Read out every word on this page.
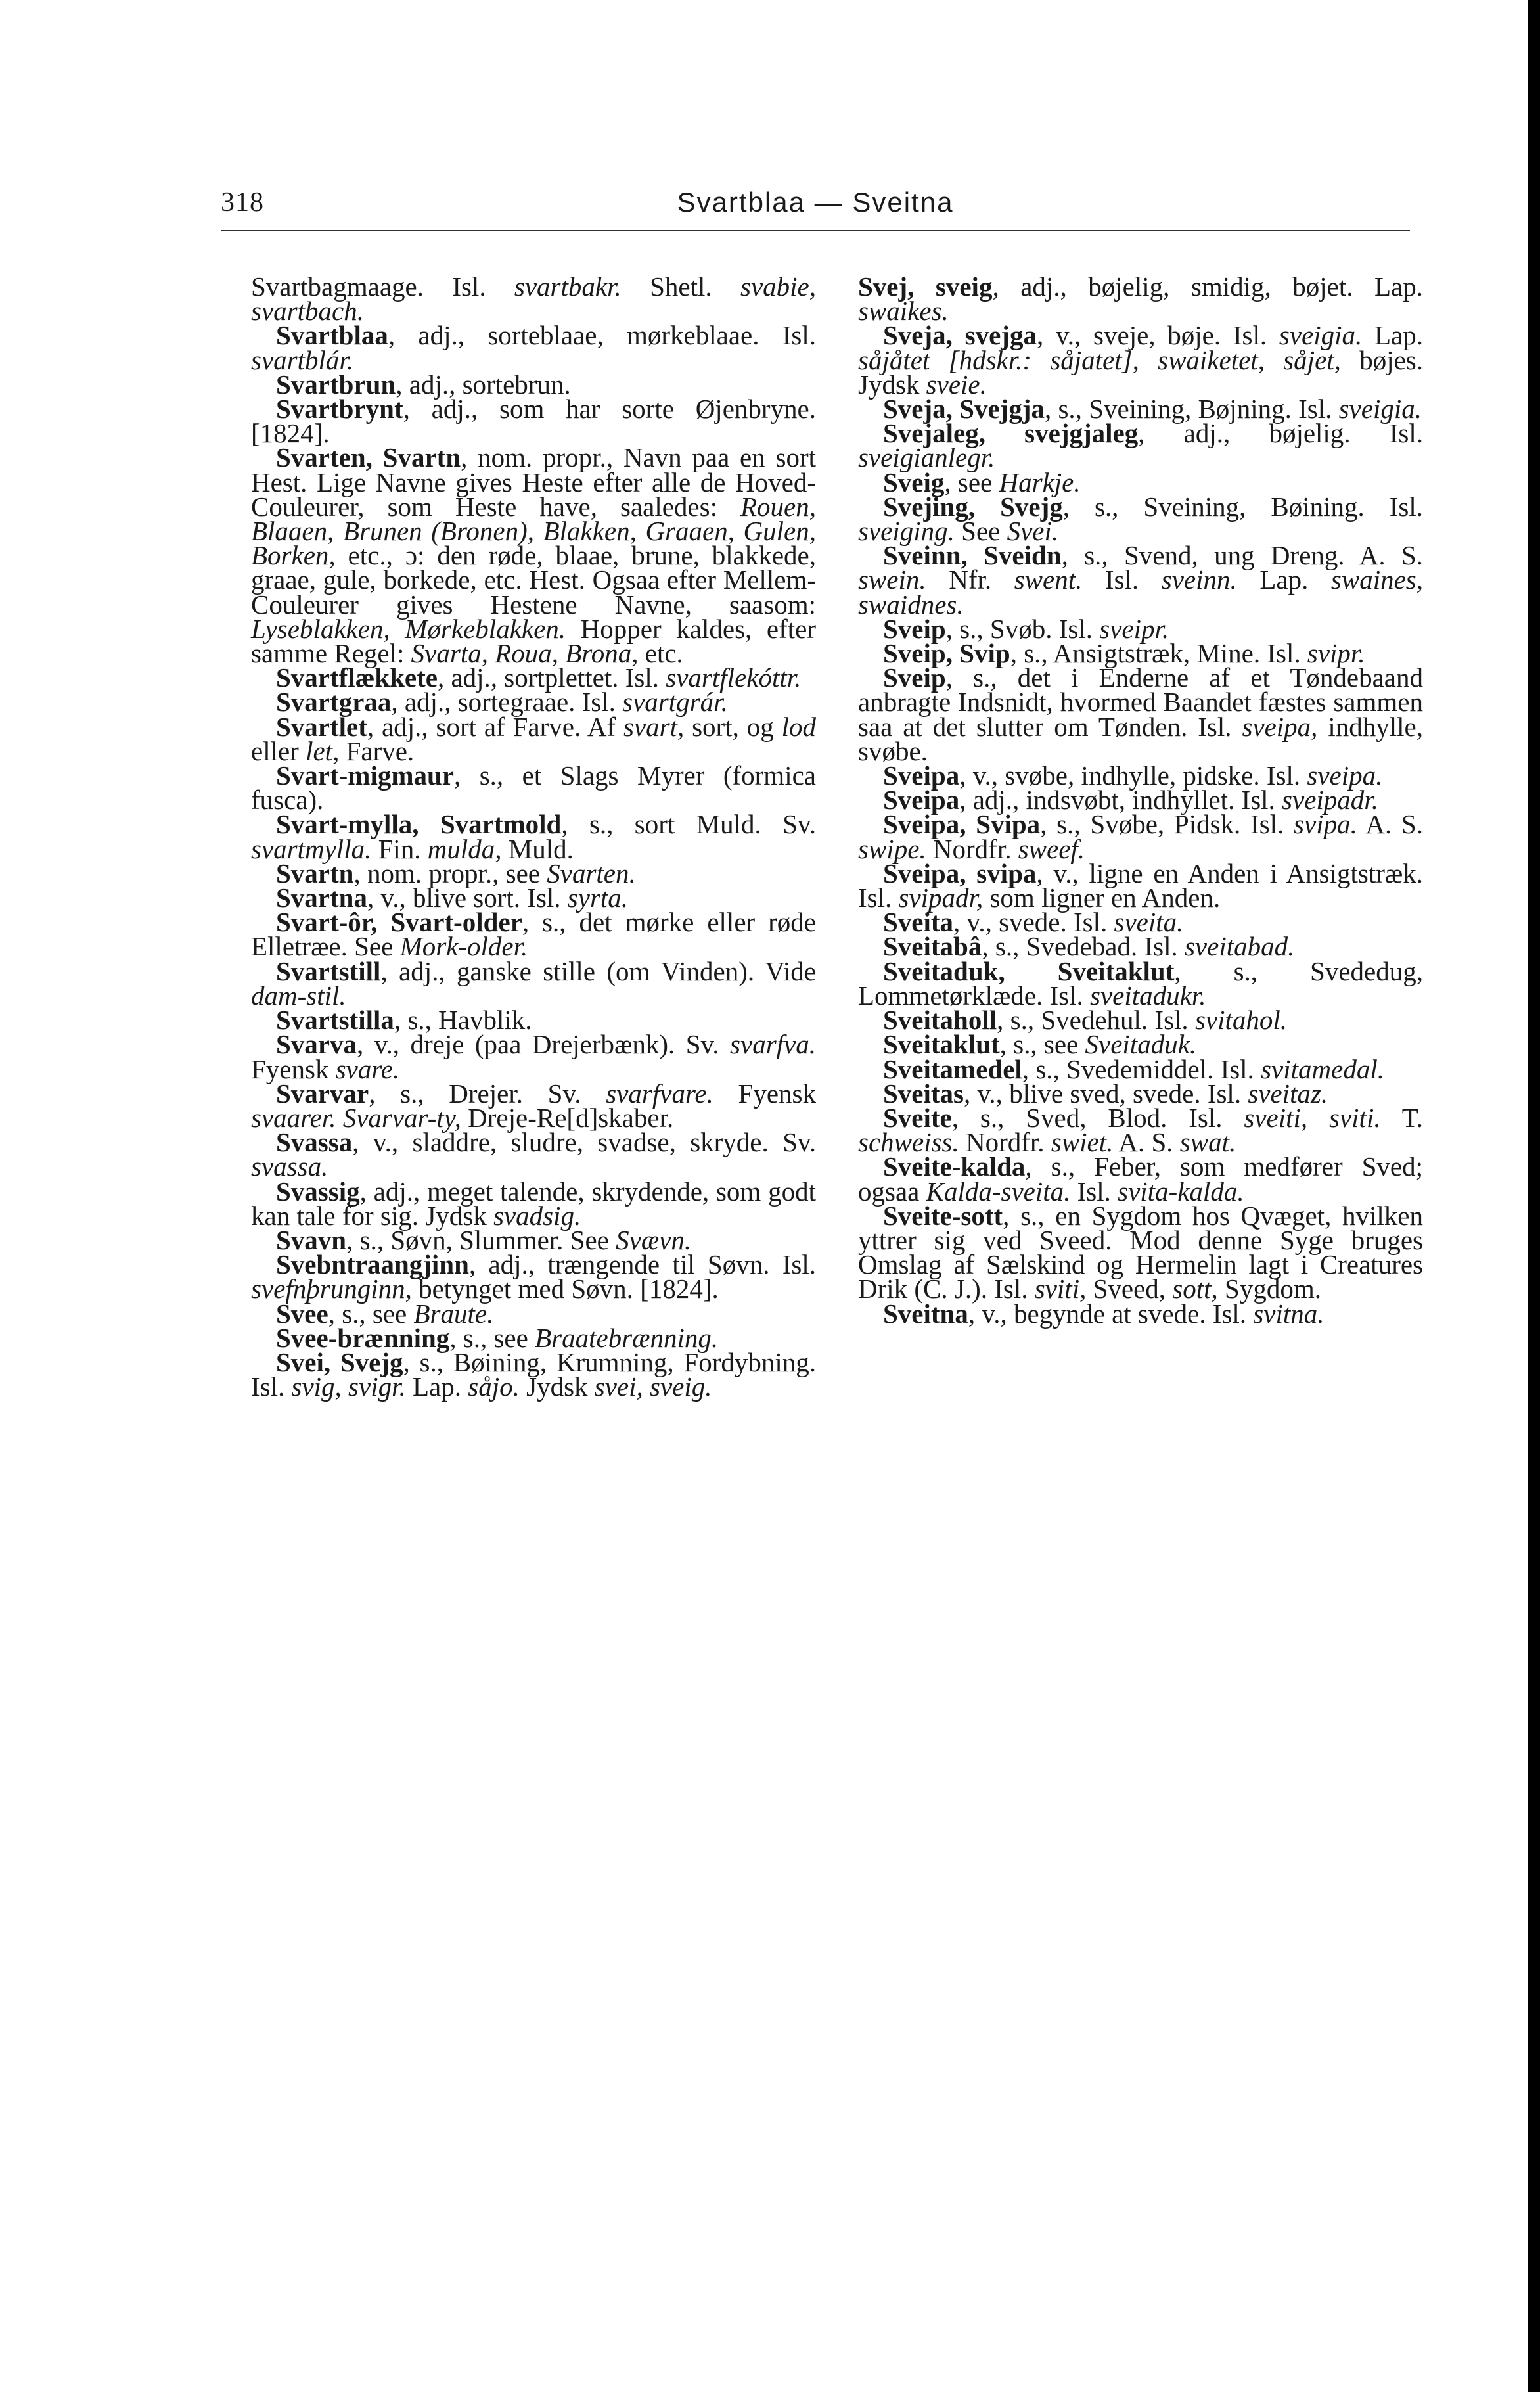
318	Svartblaa — Sveitna

Svartbagmaage. Isl. svartbakr. Shetl. svabie, svartbach.

Svartblaa, adj., sorteblaae, mørkeblaae. Isl. svartblár.

Svartbrun, adj., sortebrun.

Svartbrynt, adj., som har sorte Øjenbryne. [1824].

Svarten, Svartn, nom. propr., Navn paa en sort Hest. Lige Navne gives Heste efter alle de Hoved-Couleurer, som Heste have, saaledes: Rouen, Blaaen, Brunen (Bronen), Blakken, Graaen, Gulen, Borken, etc., ɔ: den røde, blaae, brune, blakkede, graae, gule, borkede, etc. Hest. Ogsaa efter Mellem-Couleurer gives Hestene Navne, saasom: Lyseblakken, Mørkeblakken. Hopper kaldes, efter samme Regel: Svarta, Roua, Brona, etc.

Svartflækkete, adj., sortplettet. Isl. svartflekóttr.

Svartgraa, adj., sortegraae. Isl. svartgrár.

Svartlet, adj., sort af Farve. Af svart, sort, og lod eller let, Farve.

Svart-migmaur, s., et Slags Myrer (formica fusca).

Svart-mylla, Svartmold, s., sort Muld. Sv. svartmylla. Fin. mulda, Muld.

Svartn, nom. propr., see Svarten.

Svartna, v., blive sort. Isl. syrta.

Svart-ôr, Svart-older, s., det mørke eller røde Elletræe. See Mork-older.

Svartstill, adj., ganske stille (om Vinden). Vide dam-stil.

Svartstilla, s., Havblik.

Svarva, v., dreje (paa Drejerbænk). Sv. svarfva. Fyensk svare.

Svarvar, s., Drejer. Sv. svarfvare. Fyensk svaarer. Svarvar-ty, Dreje-Re[d]skaber.

Svassa, v., sladdre, sludre, svadse, skryde. Sv. svassa.

Svassig, adj., meget talende, skrydende, som godt kan tale for sig. Jydsk svadsig.

Svavn, s., Søvn, Slummer. See Svævn.

Svebntraangjinn, adj., trængende til Søvn. Isl. svefnþrunginn, betynget med Søvn. [1824].

Svee, s., see Braute.

Svee-brænning, s., see Braatebrænning.

Svei, Svejg, s., Bøining, Krumning, Fordybning. Isl. svig, svigr. Lap. såjo. Jydsk svei, sveig.

Svej, sveig, adj., bøjelig, smidig, bøjet. Lap. swaikes.

Sveja, svejga, v., sveje, bøje. Isl. sveigia. Lap. såjåtet [hdskr.: såjatet], swaiketet, såjet, bøjes. Jydsk sveie.

Sveja, Svejgja, s., Sveining, Bøjning. Isl. sveigia.

Svejaleg, svejgjaleg, adj., bøjelig. Isl. sveigianlegr.

Sveig, see Harkje.

Svejing, Svejg, s., Sveining, Bøining. Isl. sveiging. See Svei.

Sveinn, Sveidn, s., Svend, ung Dreng. A. S. swein. Nfr. swent. Isl. sveinn. Lap. swaines, swaidnes.

Sveip, s., Svøb. Isl. sveipr.

Sveip, Svip, s., Ansigtstræk, Mine. Isl. svipr.

Sveip, s., det i Enderne af et Tøndebaand anbragte Indsnidt, hvormed Baandet fæstes sammen saa at det slutter om Tønden. Isl. sveipa, indhylle, svøbe.

Sveipa, v., svøbe, indhylle, pidske. Isl. sveipa.

Sveipa, adj., indsvøbt, indhyllet. Isl. sveipadr.

Sveipa, Svipa, s., Svøbe, Pidsk. Isl. svipa. A. S. swipe. Nordfr. sweef.

Sveipa, svipa, v., ligne en Anden i Ansigtstræk. Isl. svipadr, som ligner en Anden.

Sveita, v., svede. Isl. sveita.

Sveitabâ, s., Svedebad. Isl. sveitabad.

Sveitaduk, Sveitaklut, s., Svededug, Lommetørklæde. Isl. sveitadukr.

Sveitaholl, s., Svedehul. Isl. svitahol.

Sveitaklut, s., see Sveitaduk.

Sveitamedel, s., Svedemiddel. Isl. svitamedal.

Sveitas, v., blive sved, svede. Isl. sveitaz.

Sveite, s., Sved, Blod. Isl. sveiti, sviti. T. schweiss. Nordfr. swiet. A. S. swat.

Sveite-kalda, s., Feber, som medfører Sved; ogsaa Kalda-sveita. Isl. svita-kalda.

Sveite-sott, s., en Sygdom hos Qvæget, hvilken yttrer sig ved Sveed. Mod denne Syge bruges Omslag af Sælskind og Hermelin lagt i Creatures Drik (C. J.). Isl. sviti, Sveed, sott, Sygdom.

Sveitna, v., begynde at svede. Isl. svitna.
